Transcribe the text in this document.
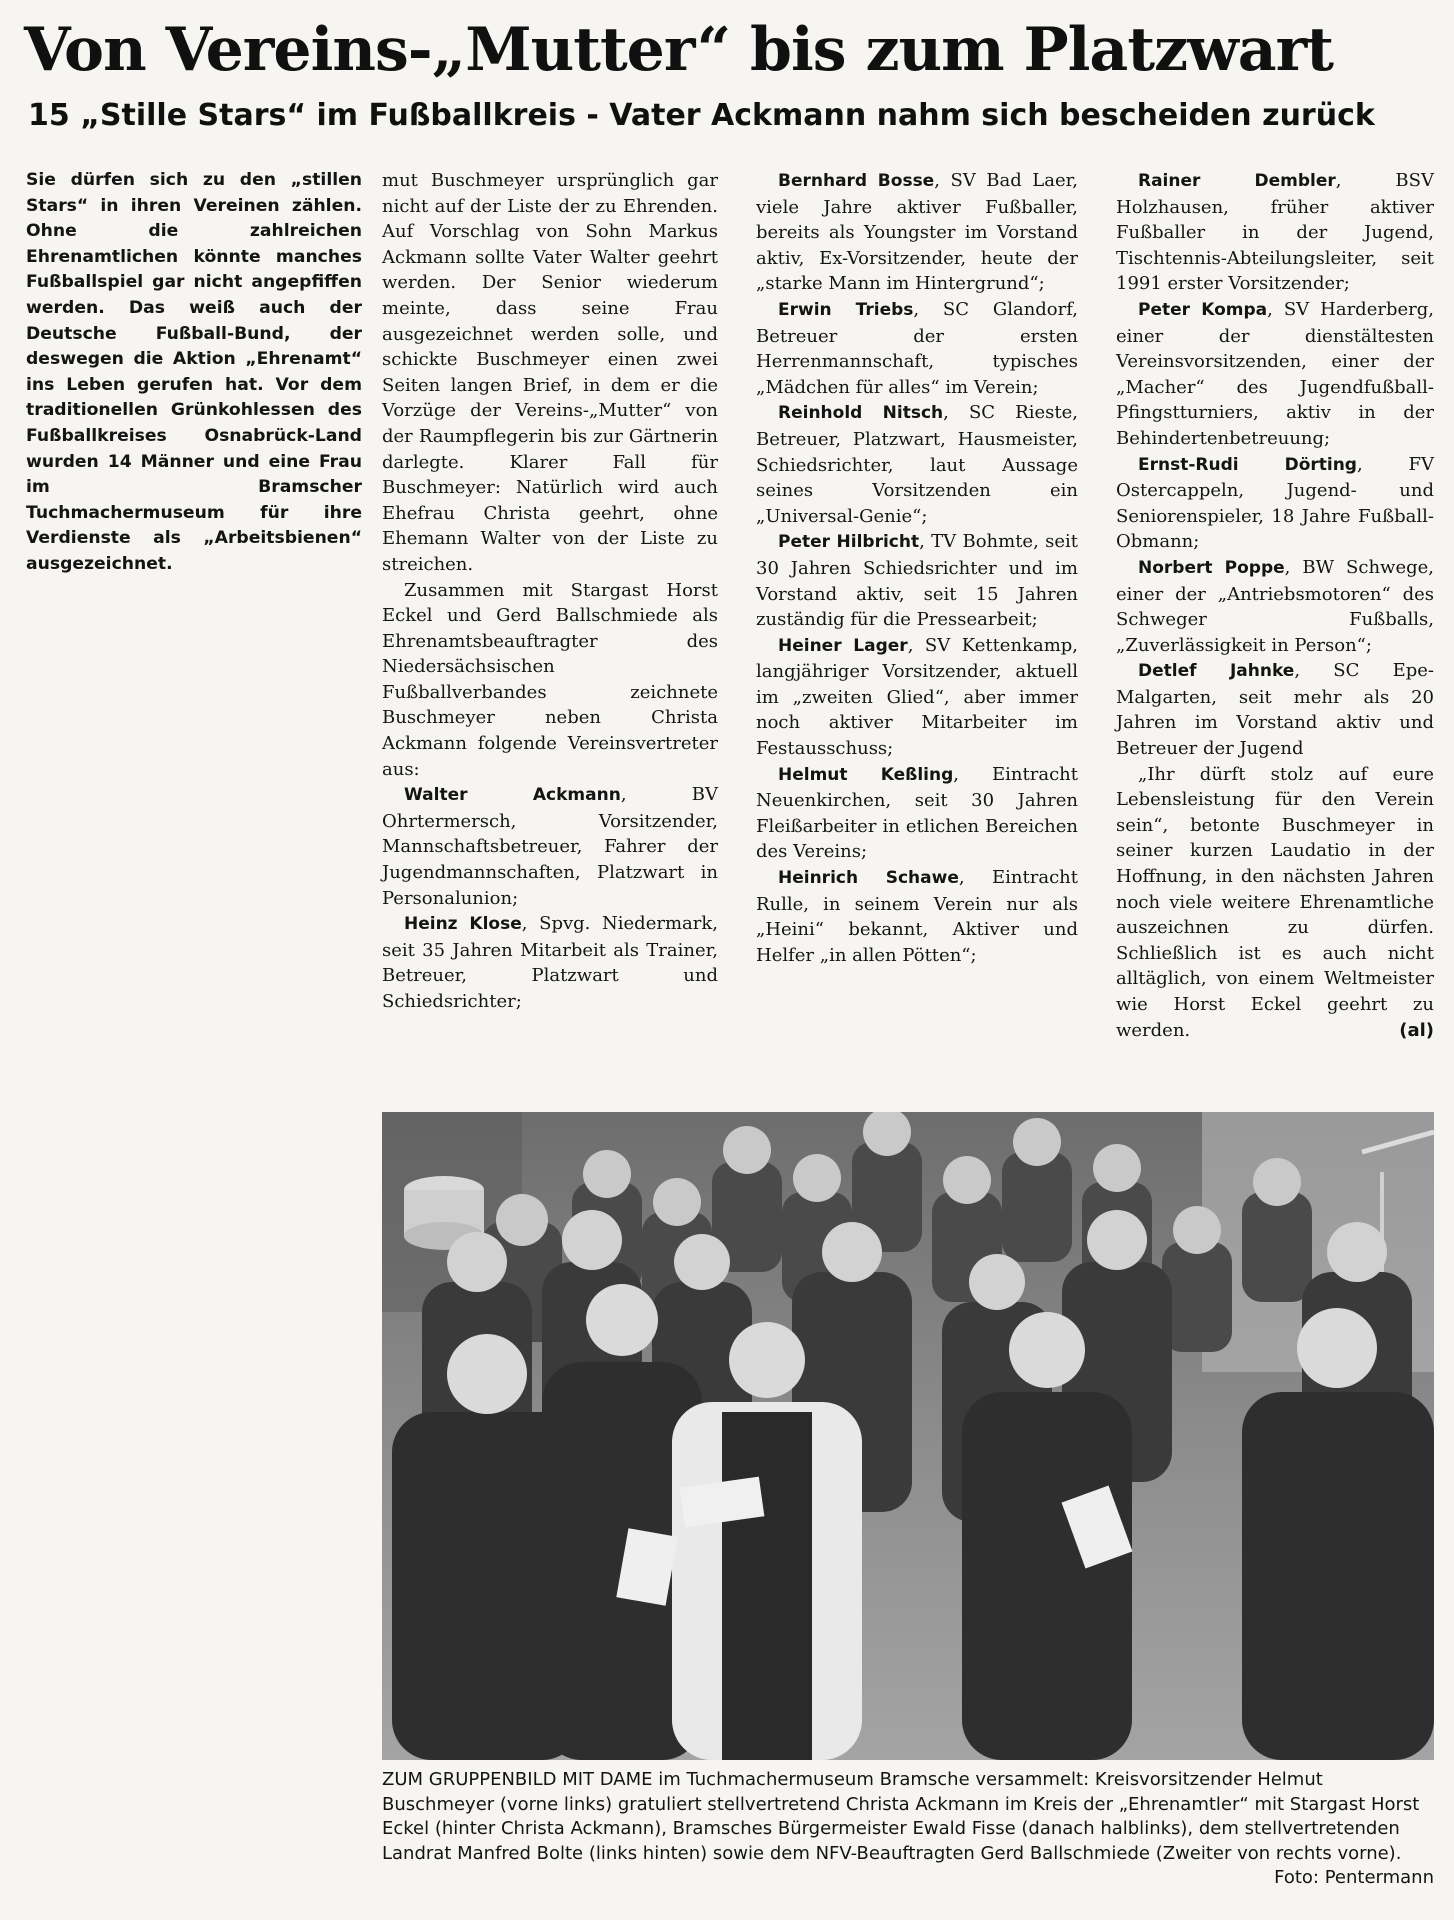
Von Vereins-„Mutter“ bis zum Platzwart
15 „Stille Stars“ im Fußballkreis - Vater Ackmann nahm sich bescheiden zurück

Sie dürfen sich zu den „stillen Stars“ in ihren Vereinen zählen. Ohne die zahlreichen Ehrenamtlichen könnte manches Fußballspiel gar nicht angepfiffen werden. Das weiß auch der Deutsche Fußball-Bund, der deswegen die Aktion „Ehrenamt“ ins Leben gerufen hat. Vor dem traditionellen Grünkohlessen des Fußballkreises Osnabrück-Land wurden 14 Männer und eine Frau im Bramscher Tuchmachermuseum für ihre Verdienste als „Arbeitsbienen“ ausgezeichnet.

mut Buschmeyer ursprünglich gar nicht auf der Liste der zu Ehrenden. Auf Vorschlag von Sohn Markus Ackmann sollte Vater Walter geehrt werden. Der Senior wiederum meinte, dass seine Frau ausgezeichnet werden solle, und schickte Buschmeyer einen zwei Seiten langen Brief, in dem er die Vorzüge der Vereins-„Mutter“ von der Raumpflegerin bis zur Gärtnerin darlegte. Klarer Fall für Buschmeyer: Natürlich wird auch Ehefrau Christa geehrt, ohne Ehemann Walter von der Liste zu streichen.

Zusammen mit Stargast Horst Eckel und Gerd Ballschmiede als Ehrenamtsbeauftragter des Niedersächsischen Fußballverbandes zeichnete Buschmeyer neben Christa Ackmann folgende Vereinsvertreter aus:

Walter Ackmann, BV Ohrtermersch, Vorsitzender, Mannschaftsbetreuer, Fahrer der Jugendmannschaften, Platzwart in Personalunion;

Heinz Klose, Spvg. Niedermark, seit 35 Jahren Mitarbeit als Trainer, Betreuer, Platzwart und Schiedsrichter;

Bernhard Bosse, SV Bad Laer, viele Jahre aktiver Fußballer, bereits als Youngster im Vorstand aktiv, Ex-Vorsitzender, heute der „starke Mann im Hintergrund“;

Erwin Triebs, SC Glandorf, Betreuer der ersten Herrenmannschaft, typisches „Mädchen für alles“ im Verein;

Reinhold Nitsch, SC Rieste, Betreuer, Platzwart, Hausmeister, Schiedsrichter, laut Aussage seines Vorsitzenden ein „Universal-Genie“;

Peter Hilbricht, TV Bohmte, seit 30 Jahren Schiedsrichter und im Vorstand aktiv, seit 15 Jahren zuständig für die Pressearbeit;

Heiner Lager, SV Kettenkamp, langjähriger Vorsitzender, aktuell im „zweiten Glied“, aber immer noch aktiver Mitarbeiter im Festausschuss;

Helmut Keßling, Eintracht Neuenkirchen, seit 30 Jahren Fleißarbeiter in etlichen Bereichen des Vereins;

Heinrich Schawe, Eintracht Rulle, in seinem Verein nur als „Heini“ bekannt, Aktiver und Helfer „in allen Pötten“;

Rainer Dembler, BSV Holzhausen, früher aktiver Fußballer in der Jugend, Tischtennis-Abteilungsleiter, seit 1991 erster Vorsitzender;

Peter Kompa, SV Harderberg, einer der dienstältesten Vereinsvorsitzenden, einer der „Macher“ des Jugendfußball-Pfingstturniers, aktiv in der Behindertenbetreuung;

Ernst-Rudi Dörting, FV Ostercappeln, Jugend- und Seniorenspieler, 18 Jahre Fußball-Obmann;

Norbert Poppe, BW Schwege, einer der „Antriebsmotoren“ des Schweger Fußballs, „Zuverlässigkeit in Person“;

Detlef Jahnke, SC Epe-Malgarten, seit mehr als 20 Jahren im Vorstand aktiv und Betreuer der Jugend

„Ihr dürft stolz auf eure Lebensleistung für den Verein sein“, betonte Buschmeyer in seiner kurzen Laudatio in der Hoffnung, in den nächsten Jahren noch viele weitere Ehrenamtliche auszeichnen zu dürfen. Schließlich ist es auch nicht alltäglich, von einem Weltmeister wie Horst Eckel geehrt zu werden.	(al)

ZUM GRUPPENBILD MIT DAME im Tuchmachermuseum Bramsche versammelt: Kreisvorsitzender Helmut Buschmeyer (vorne links) gratuliert stellvertretend Christa Ackmann im Kreis der „Ehrenamtler“ mit Stargast Horst Eckel (hinter Christa Ackmann), Bramsches Bürgermeister Ewald Fisse (danach halblinks), dem stellvertretenden Landrat Manfred Bolte (links hinten) sowie dem NFV-Beauftragten Gerd Ballschmiede (Zweiter von rechts vorne).
Foto: Pentermann
